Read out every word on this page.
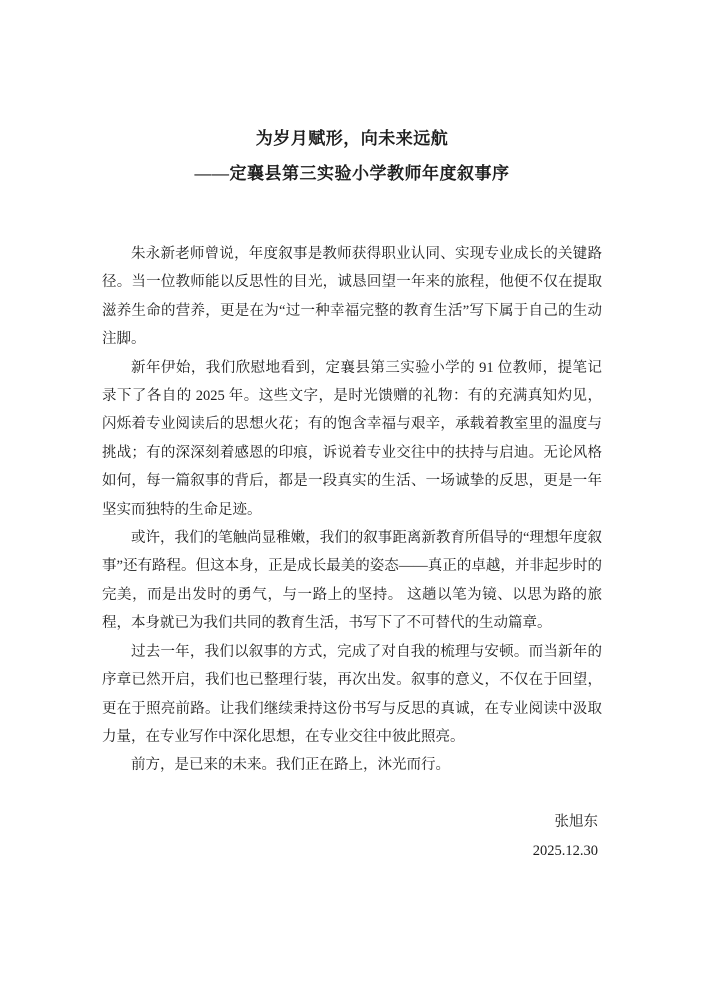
为岁月赋形，向未来远航
——定襄县第三实验小学教师年度叙事序

朱永新老师曾说，年度叙事是教师获得职业认同、实现专业成长的关键路径。当一位教师能以反思性的目光，诚恳回望一年来的旅程，他便不仅在提取滋养生命的营养，更是在为“过一种幸福完整的教育生活”写下属于自己的生动注脚。

新年伊始，我们欣慰地看到，定襄县第三实验小学的 91 位教师，提笔记录下了各自的 2025 年。这些文字，是时光馈赠的礼物：有的充满真知灼见，闪烁着专业阅读后的思想火花；有的饱含幸福与艰辛，承载着教室里的温度与挑战；有的深深刻着感恩的印痕，诉说着专业交往中的扶持与启迪。无论风格如何，每一篇叙事的背后，都是一段真实的生活、一场诚挚的反思，更是一年坚实而独特的生命足迹。

或许，我们的笔触尚显稚嫩，我们的叙事距离新教育所倡导的“理想年度叙事”还有路程。但这本身，正是成长最美的姿态——真正的卓越，并非起步时的完美，而是出发时的勇气，与一路上的坚持。 这趟以笔为镜、以思为路的旅程，本身就已为我们共同的教育生活，书写下了不可替代的生动篇章。

过去一年，我们以叙事的方式，完成了对自我的梳理与安顿。而当新年的序章已然开启，我们也已整理行装，再次出发。叙事的意义，不仅在于回望，更在于照亮前路。让我们继续秉持这份书写与反思的真诚，在专业阅读中汲取力量，在专业写作中深化思想，在专业交往中彼此照亮。

前方，是已来的未来。我们正在路上，沐光而行。

张旭东

2025.12.30
